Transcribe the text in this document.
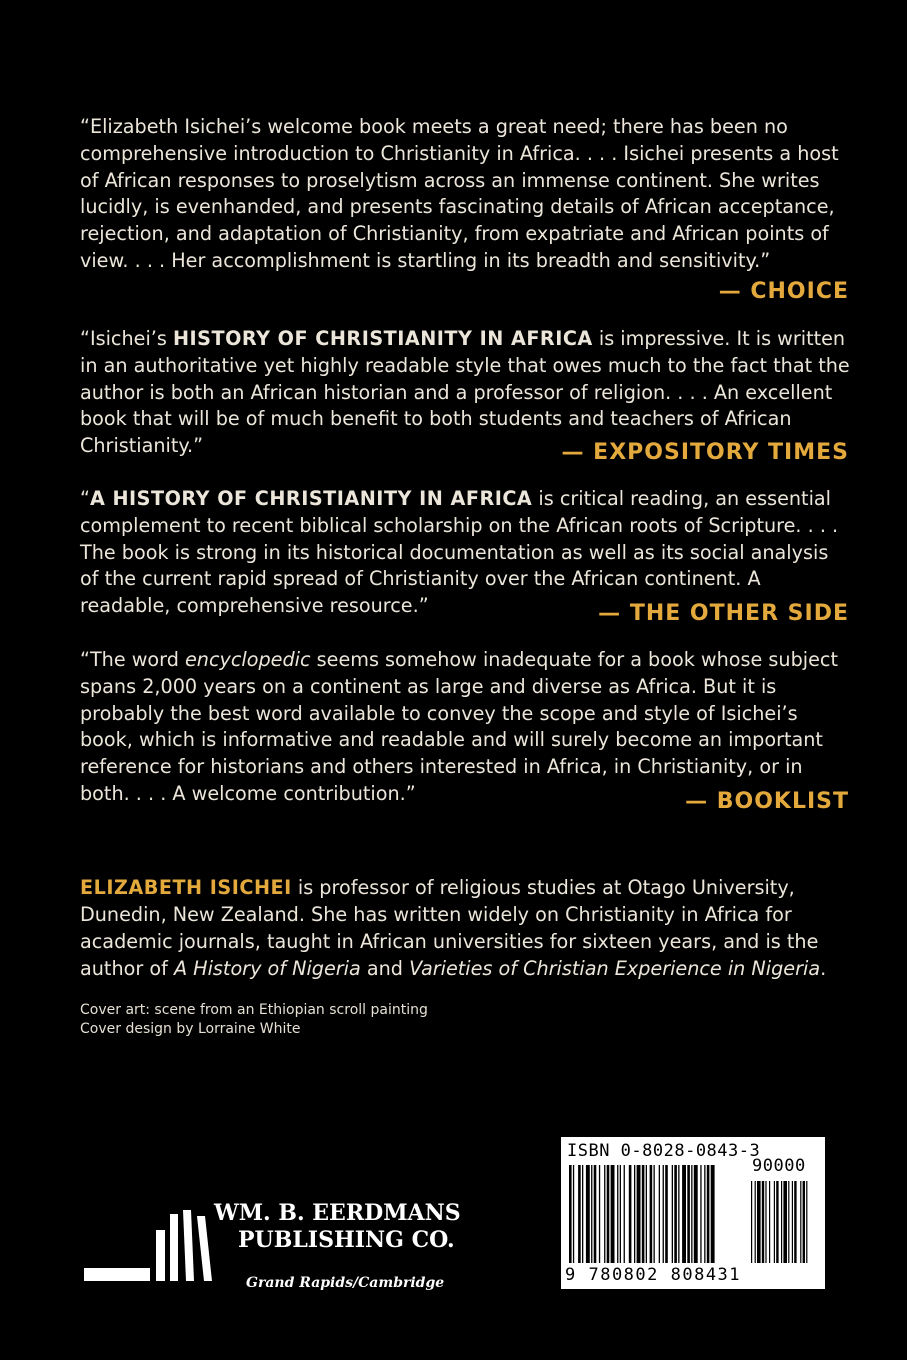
“Elizabeth Isichei’s welcome book meets a great need; there has been no comprehensive introduction to Christianity in Africa. . . . Isichei presents a host of African responses to proselytism across an immense continent. She writes lucidly, is evenhanded, and presents fascinating details of African acceptance, rejection, and adaptation of Christianity, from expatriate and African points of view. . . . Her accomplishment is startling in its breadth and sensitivity.”

— CHOICE

“Isichei’s HISTORY OF CHRISTIANITY IN AFRICA is impressive. It is written in an authoritative yet highly readable style that owes much to the fact that the author is both an African historian and a professor of religion. . . . An excellent book that will be of much benefit to both students and teachers of African Christianity.”	— EXPOSITORY TIMES

“A HISTORY OF CHRISTIANITY IN AFRICA is critical reading, an essential complement to recent biblical scholarship on the African roots of Scripture. . . . The book is strong in its historical documentation as well as its social analysis of the current rapid spread of Christianity over the African continent. A readable, comprehensive resource.”	— THE OTHER SIDE

“The word encyclopedic seems somehow inadequate for a book whose subject spans 2,000 years on a continent as large and diverse as Africa. But it is probably the best word available to convey the scope and style of Isichei’s book, which is informative and readable and will surely become an important reference for historians and others interested in Africa, in Christianity, or in both. . . . A welcome contribution.”	— BOOKLIST

ELIZABETH ISICHEI is professor of religious studies at Otago University, Dunedin, New Zealand. She has written widely on Christianity in Africa for academic journals, taught in African universities for sixteen years, and is the author of A History of Nigeria and Varieties of Christian Experience in Nigeria.

Cover art: scene from an Ethiopian scroll painting
Cover design by Lorraine White
WM. B. EERDMANS
PUBLISHING CO.
Grand Rapids/Cambridge
ISBN 0-8028-0843-3
90000
9 780802 808431
